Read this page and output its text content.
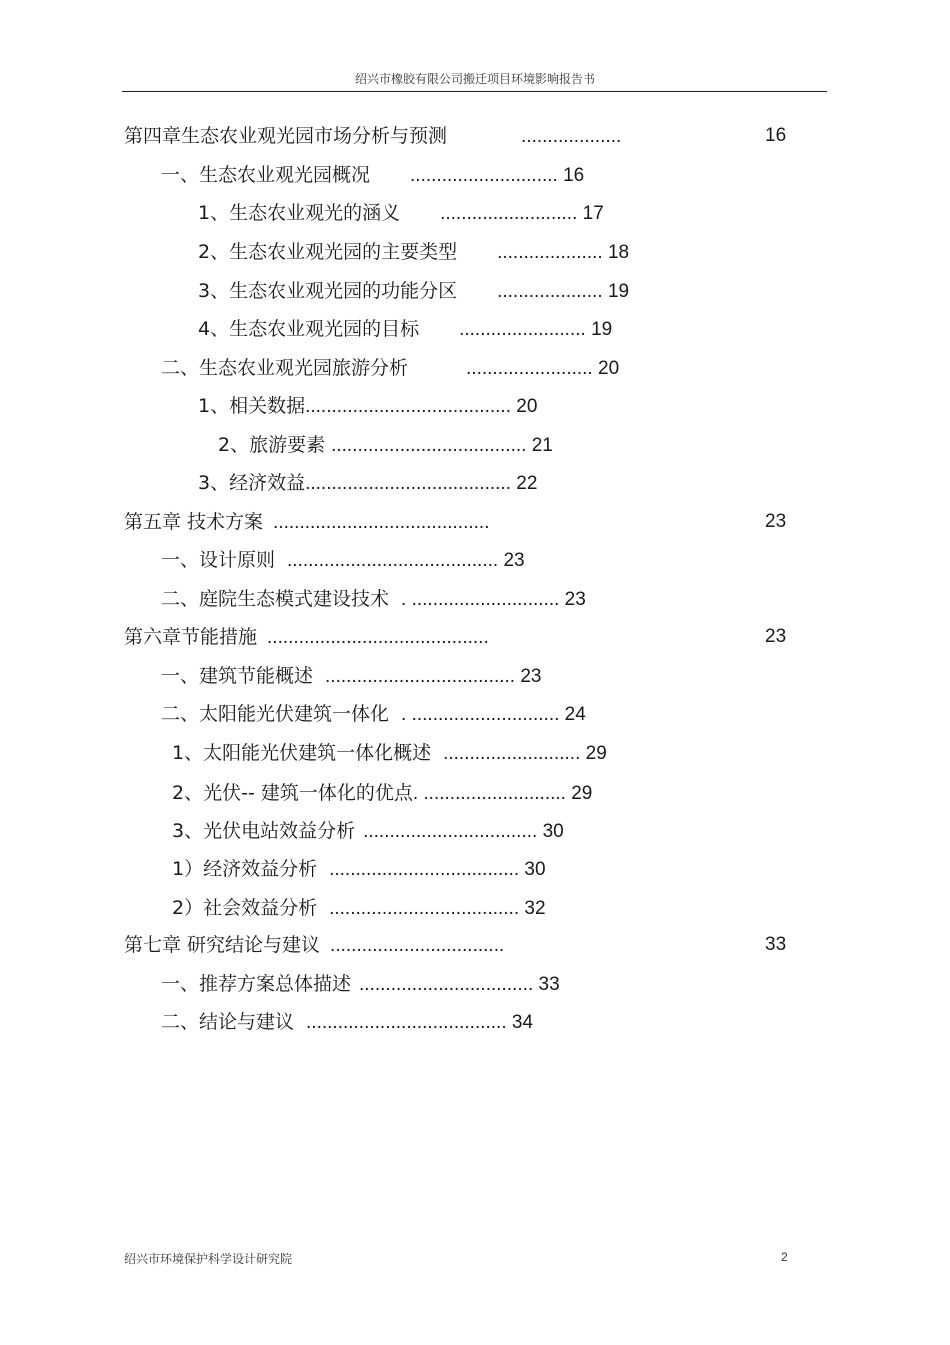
绍兴市橡胶有限公司搬迁项目环境影响报告书
第四章生态农业观光园市场分析与预测	...................	16
一、生态农业观光园概况 ............................ 16
1、生态农业观光的涵义 .......................... 17
2、生态农业观光园的主要类型 .................... 18
3、生态农业观光园的功能分区 .................... 19
4、生态农业观光园的目标 ........................ 19
二、生态农业观光园旅游分析	........................ 20
1、相关数据....................................... 20
2、旅游要素 ..................................... 21
3、经济效益....................................... 22
第五章 技术方案 .........................................	23
一、设计原则 ........................................ 23
二、庭院生态模式建设技术 . ............................ 23
第六章节能措施 ..........................................	23
一、建筑节能概述 .................................... 23
二、太阳能光伏建筑一体化 . ............................ 24
1、太阳能光伏建筑一体化概述 .......................... 29
2、光伏-- 建筑一体化的优点. ........................... 29
3、光伏电站效益分析 ................................. 30
1）经济效益分析 .................................... 30
2）社会效益分析 .................................... 32
第七章 研究结论与建议 .................................	33
一、推荐方案总体描述 ................................. 33
二、结论与建议 ...................................... 34
绍兴市环境保护科学设计研究院	2
